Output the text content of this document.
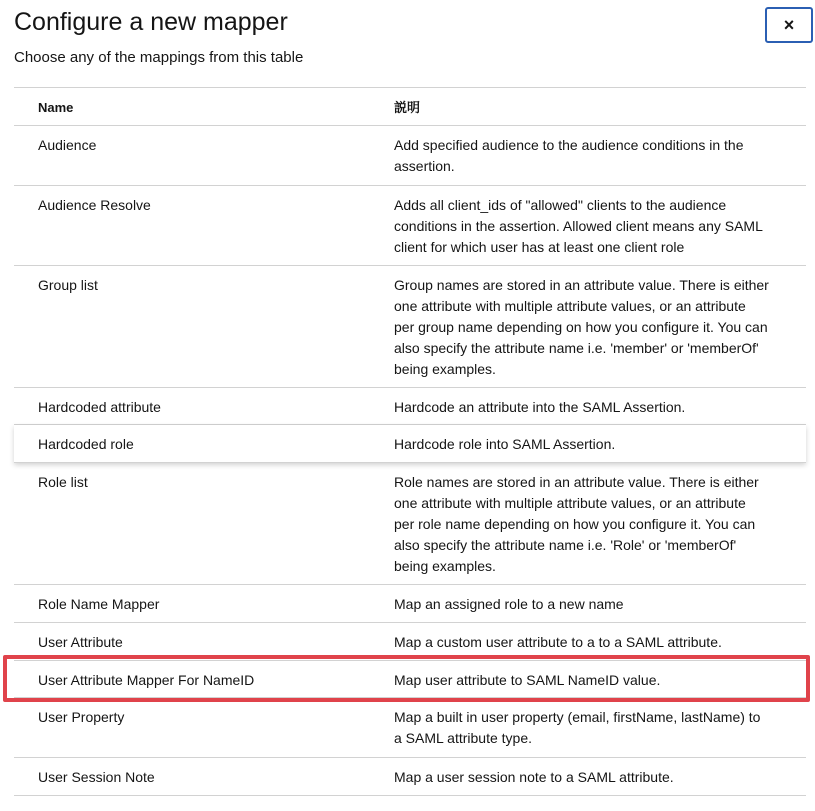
Configure a new mapper
Choose any of the mappings from this table
×
Name	説明
Audience	Add specified audience to the audience conditions in the assertion.
Audience Resolve	Adds all client_ids of "allowed" clients to the audience conditions in the assertion. Allowed client means any SAML client for which user has at least one client role
Group list	Group names are stored in an attribute value. There is either one attribute with multiple attribute values, or an attribute per group name depending on how you configure it. You can also specify the attribute name i.e. 'member' or 'memberOf' being examples.
Hardcoded attribute	Hardcode an attribute into the SAML Assertion.
Hardcoded role	Hardcode role into SAML Assertion.
Role list	Role names are stored in an attribute value. There is either one attribute with multiple attribute values, or an attribute per role name depending on how you configure it. You can also specify the attribute name i.e. 'Role' or 'memberOf' being examples.
Role Name Mapper	Map an assigned role to a new name
User Attribute	Map a custom user attribute to a to a SAML attribute.
User Attribute Mapper For NameID	Map user attribute to SAML NameID value.
User Property	Map a built in user property (email, firstName, lastName) to a SAML attribute type.
User Session Note	Map a user session note to a SAML attribute.
